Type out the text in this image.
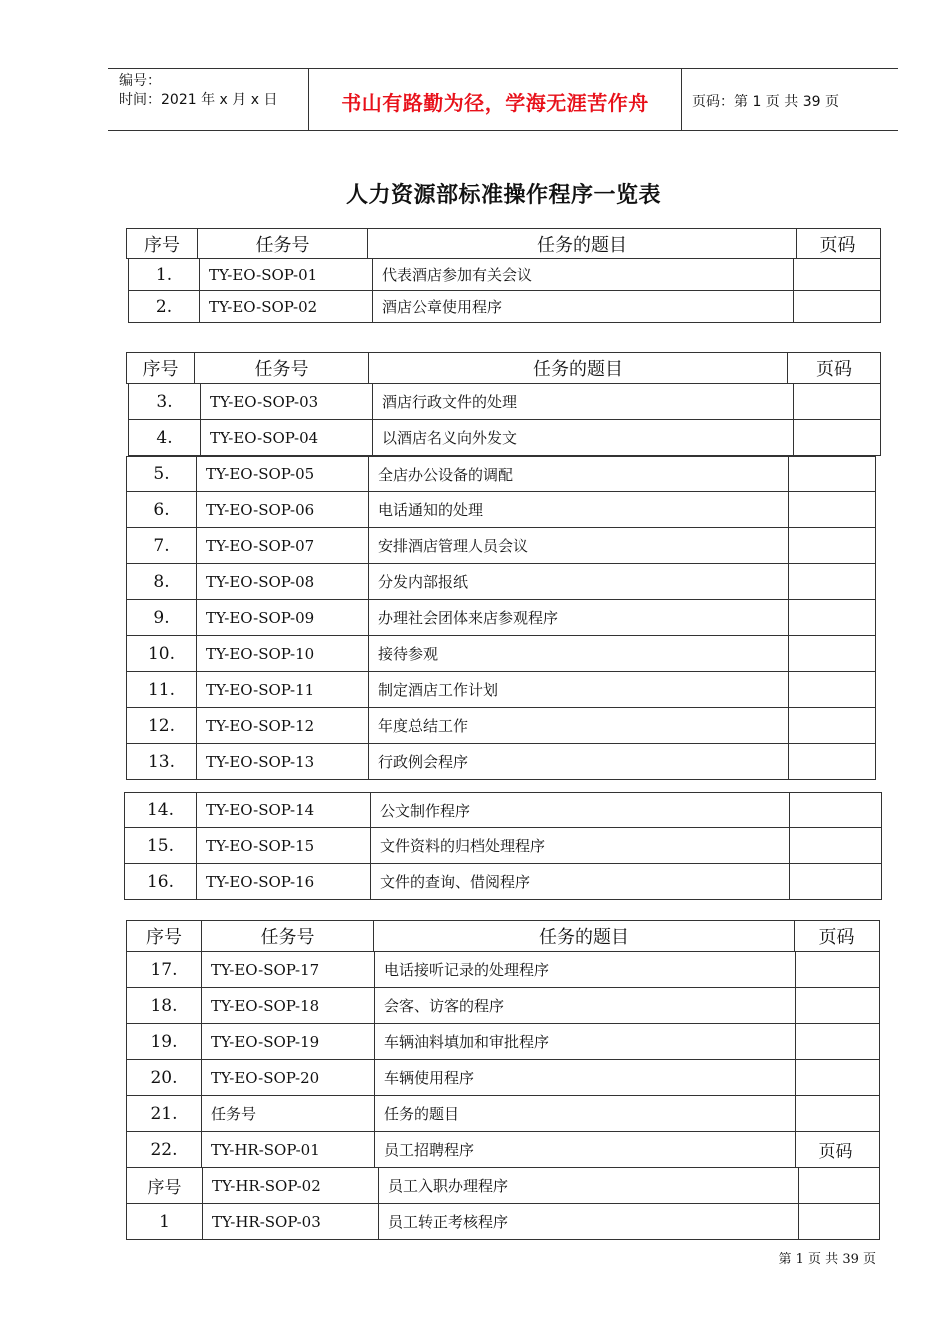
编号：
时间：2021 年 x 月 x 日	书山有路勤为径，学海无涯苦作舟	页码：第 1 页 共 39 页
人力资源部标准操作程序一览表
序号	任务号	任务的题目	页码
1.	TY-EO-SOP-01	代表酒店参加有关会议
2.	TY-EO-SOP-02	酒店公章使用程序
序号	任务号	任务的题目	页码
3.	TY-EO-SOP-03	酒店行政文件的处理
4.	TY-EO-SOP-04	以酒店名义向外发文
5.	TY-EO-SOP-05	全店办公设备的调配
6.	TY-EO-SOP-06	电话通知的处理
7.	TY-EO-SOP-07	安排酒店管理人员会议
8.	TY-EO-SOP-08	分发内部报纸
9.	TY-EO-SOP-09	办理社会团体来店参观程序
10.	TY-EO-SOP-10	接待参观
11.	TY-EO-SOP-11	制定酒店工作计划
12.	TY-EO-SOP-12	年度总结工作
13.	TY-EO-SOP-13	行政例会程序
14.	TY-EO-SOP-14	公文制作程序
15.	TY-EO-SOP-15	文件资料的归档处理程序
16.	TY-EO-SOP-16	文件的查询、借阅程序
序号	任务号	任务的题目	页码
17.	TY-EO-SOP-17	电话接听记录的处理程序
18.	TY-EO-SOP-18	会客、访客的程序
19.	TY-EO-SOP-19	车辆油料填加和审批程序
20.	TY-EO-SOP-20	车辆使用程序
21.	任务号	任务的题目
22.	TY-HR-SOP-01	员工招聘程序	页码
序号	TY-HR-SOP-02	员工入职办理程序
1	TY-HR-SOP-03	员工转正考核程序
第 1 页 共 39 页
